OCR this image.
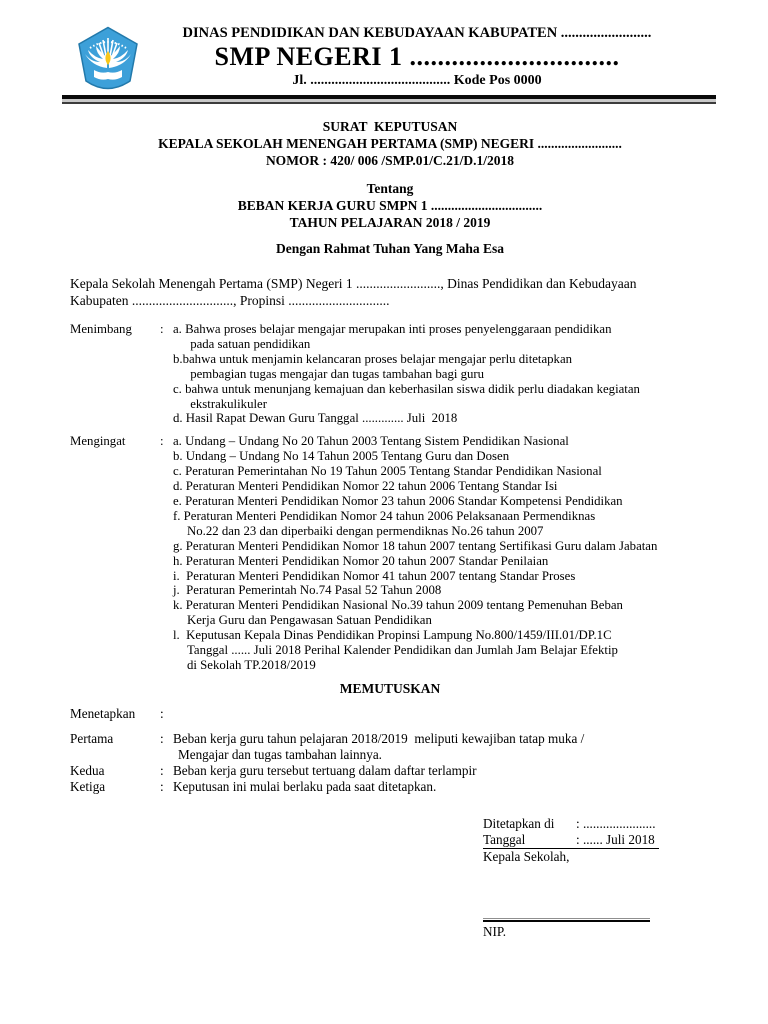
DINAS PENDIDIKAN DAN KEBUDAYAAN KABUPATEN .........................
SMP NEGERI 1 ..............................
Jl. ........................................ Kode Pos 0000
SURAT  KEPUTUSAN
KEPALA SEKOLAH MENENGAH PERTAMA (SMP) NEGERI .........................
NOMOR : 420/ 006 /SMP.01/C.21/D.1/2018
Tentang
BEBAN KERJA GURU SMPN 1 .................................
TAHUN PELAJARAN 2018 / 2019
Dengan Rahmat Tuhan Yang Maha Esa
Kepala Sekolah Menengah Pertama (SMP) Negeri 1 ........................., Dinas Pendidikan dan Kebudayaan
Kabupaten .............................., Propinsi ..............................
Menimbang	: a. Bahwa proses belajar mengajar merupakan inti proses penyelenggaraan pendidikan
pada satuan pendidikan
b.bahwa untuk menjamin kelancaran proses belajar mengajar perlu ditetapkan
pembagian tugas mengajar dan tugas tambahan bagi guru
c. bahwa untuk menunjang kemajuan dan keberhasilan siswa didik perlu diadakan kegiatan
ekstrakulikuler
d. Hasil Rapat Dewan Guru Tanggal ............. Juli  2018
Mengingat	: a. Undang – Undang No 20 Tahun 2003 Tentang Sistem Pendidikan Nasional
b. Undang – Undang No 14 Tahun 2005 Tentang Guru dan Dosen
c. Peraturan Pemerintahan No 19 Tahun 2005 Tentang Standar Pendidikan Nasional
d. Peraturan Menteri Pendidikan Nomor 22 tahun 2006 Tentang Standar Isi
e. Peraturan Menteri Pendidikan Nomor 23 tahun 2006 Standar Kompetensi Pendidikan
f. Peraturan Menteri Pendidikan Nomor 24 tahun 2006 Pelaksanaan Permendiknas
No.22 dan 23 dan diperbaiki dengan permendiknas No.26 tahun 2007
g. Peraturan Menteri Pendidikan Nomor 18 tahun 2007 tentang Sertifikasi Guru dalam Jabatan
h. Peraturan Menteri Pendidikan Nomor 20 tahun 2007 Standar Penilaian
i.  Peraturan Menteri Pendidikan Nomor 41 tahun 2007 tentang Standar Proses
j.  Peraturan Pemerintah No.74 Pasal 52 Tahun 2008
k. Peraturan Menteri Pendidikan Nasional No.39 tahun 2009 tentang Pemenuhan Beban
Kerja Guru dan Pengawasan Satuan Pendidikan
l.  Keputusan Kepala Dinas Pendidikan Propinsi Lampung No.800/1459/III.01/DP.1C
Tanggal ...... Juli 2018 Perihal Kalender Pendidikan dan Jumlah Jam Belajar Efektip
di Sekolah TP.2018/2019
MEMUTUSKAN
Menetapkan	:
Pertama	: Beban kerja guru tahun pelajaran 2018/2019  meliputi kewajiban tatap muka /
Mengajar dan tugas tambahan lainnya.
Kedua	: Beban kerja guru tersebut tertuang dalam daftar terlampir
Ketiga	: Keputusan ini mulai berlaku pada saat ditetapkan.
Ditetapkan di	: ......................
Tanggal	: ...... Juli 2018
Kepala Sekolah,
NIP.
